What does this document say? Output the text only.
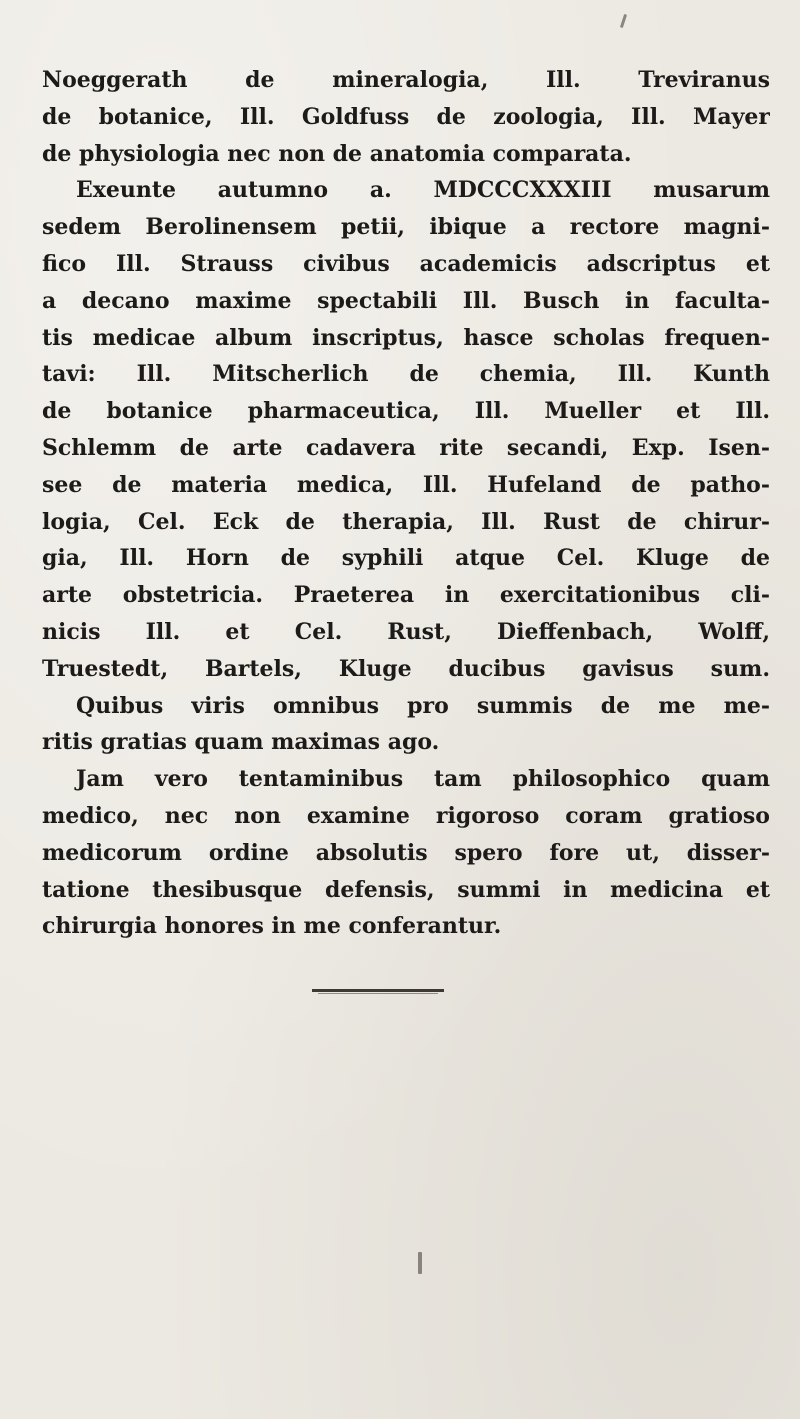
Noeggerath de mineralogia, Ill. Treviranus
de botanice, Ill. Goldfuss de zoologia, Ill. Mayer
de physiologia nec non de anatomia comparata.
Exeunte autumno a. MDCCCXXXIII musarum
sedem Berolinensem petii, ibique a rectore magni-
fico Ill. Strauss civibus academicis adscriptus et
a decano maxime spectabili Ill. Busch in faculta-
tis medicae album inscriptus, hasce scholas frequen-
tavi: Ill. Mitscherlich de chemia, Ill. Kunth
de botanice pharmaceutica, Ill. Mueller et Ill.
Schlemm de arte cadavera rite secandi, Exp. Isen-
see de materia medica, Ill. Hufeland de patho-
logia, Cel. Eck de therapia, Ill. Rust de chirur-
gia, Ill. Horn de syphili atque Cel. Kluge de
arte obstetricia. Praeterea in exercitationibus cli-
nicis Ill. et Cel. Rust, Dieffenbach, Wolff,
Truestedt, Bartels, Kluge ducibus gavisus sum.
Quibus viris omnibus pro summis de me me-
ritis gratias quam maximas ago.
Jam vero tentaminibus tam philosophico quam
medico, nec non examine rigoroso coram gratioso
medicorum ordine absolutis spero fore ut, disser-
tatione thesibusque defensis, summi in medicina et
chirurgia honores in me conferantur.
